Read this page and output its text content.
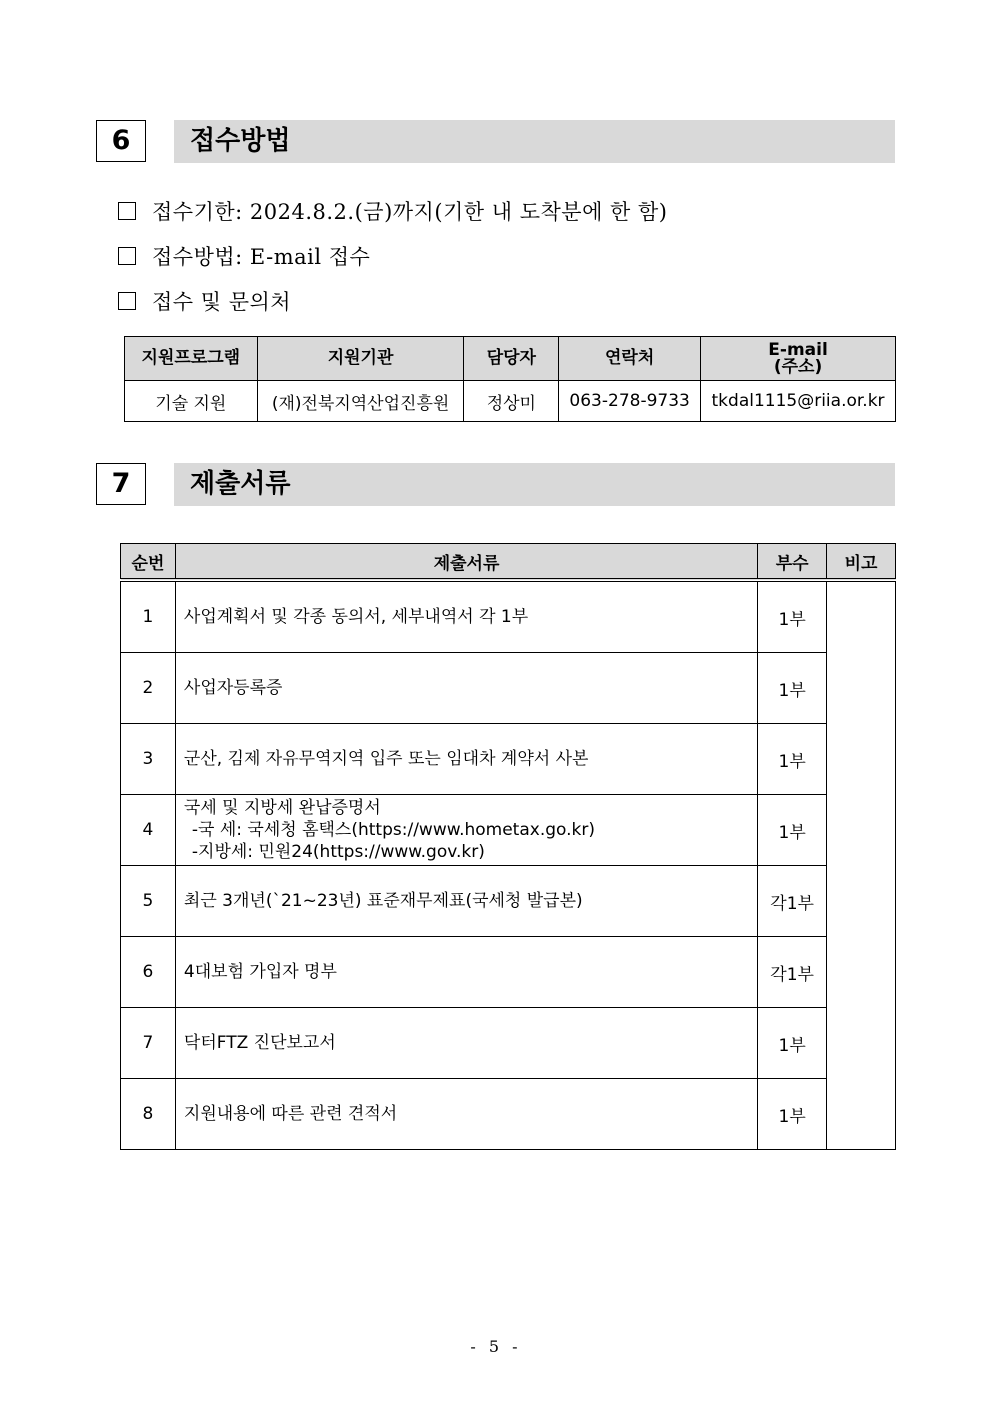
6	접수방법
접수기한: 2024.8.2.(금)까지(기한 내 도착분에 한 함)
접수방법: E-mail 접수
접수 및 문의처
지원프로그램	지원기관	담당자	연락처	E-mail
(주소)
기술 지원	(재)전북지역산업진흥원	정상미	063-278-9733	tkdal1115@riia.or.kr
7	제출서류
순번	제출서류	부수	비고
1	사업계획서 및 각종 동의서, 세부내역서 각 1부	1부	
2	사업자등록증	1부	
3	군산, 김제 자유무역지역 입주 또는 임대차 계약서 사본	1부	
4	국세 및 지방세 완납증명서
-국 세: 국세청 홈택스(https://www.hometax.go.kr)
-지방세: 민원24(https://www.gov.kr)	1부	
5	최근 3개년(`21~23년) 표준재무제표(국세청 발급본)	각1부	
6	4대보험 가입자 명부	각1부	
7	닥터FTZ 진단보고서	1부	
8	지원내용에 따른 관련 견적서	1부	
- 5 -
